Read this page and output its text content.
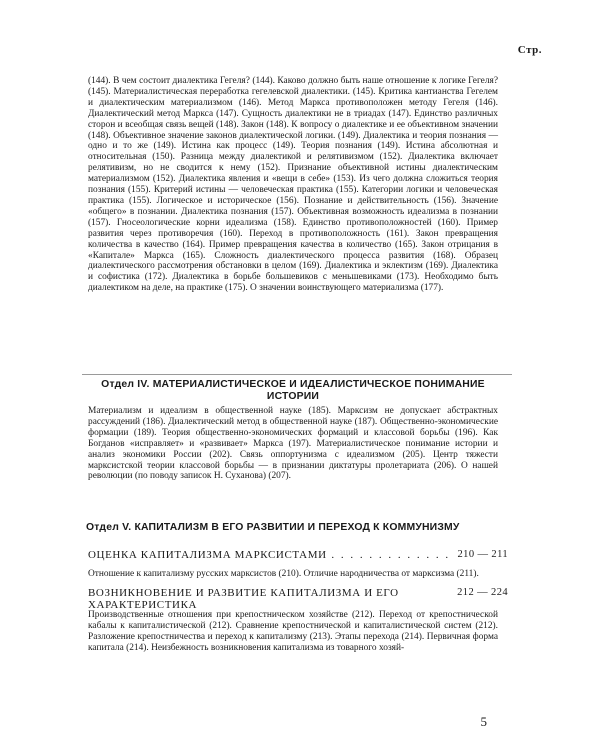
Стр.
(144). В чем состоит диалектика Гегеля? (144). Каково должно быть наше отношение к логике Гегеля? (145). Материалистическая переработка гегелевской диалектики. (145). Критика кантианства Гегелем и диалектическим материализмом (146). Метод Маркса противоположен методу Гегеля (146). Диалектический метод Маркса (147). Сущность диалектики не в триадах (147). Единство различных сторон и всеобщая связь вещей (148). Закон (148). К вопросу о диалектике и ее объективном значении (148). Объективное значение законов диалектической логики. (149). Диалектика и теория познания — одно и то же (149). Истина как процесс (149). Теория познания (149). Истина абсолютная и относительная (150). Разница между диалектикой и релятивизмом (152). Диалектика включает релятивизм, но не сводится к нему (152). Признание объективной истины диалектическим материализмом (152). Диалектика явления и «вещи в себе» (153). Из чего должна сложиться теория познания (155). Критерий истины — человеческая практика (155). Категории логики и человеческая практика (155). Логическое и историческое (156). Познание и действительность (156). Значение «общего» в познании. Диалектика познания (157). Объективная возможность идеализма в познании (157). Гносеологические корни идеализма (158). Единство противоположностей (160). Пример развития через противоречия (160). Переход в противоположность (161). Закон превращения количества в качество (164). Пример превращения качества в количество (165). Закон отрицания в «Капитале» Маркса (165). Сложность диалектического процесса развития (168). Образец диалектического рассмотрения обстановки в целом (169). Диалектика и эклектизм (169). Диалектика и софистика (172). Диалектика в борьбе большевиков с меньшевиками (173). Необходимо быть диалектиком на деле, на практике (175). О значении воинствующего материализма (177).
Отдел IV. МАТЕРИАЛИСТИЧЕСКОЕ И ИДЕАЛИСТИЧЕСКОЕ ПОНИМАНИЕ ИСТОРИИ
Материализм и идеализм в общественной науке (185). Марксизм не допускает абстрактных рассуждений (186). Диалектический метод в общественной науке (187). Общественно-экономические формации (189). Теория общественно-экономических формаций и классовой борьбы (196). Как Богданов «исправляет» и «развивает» Маркса (197). Материалистическое понимание истории и анализ экономики России (202). Связь оппортунизма с идеализмом (205). Центр тяжести марксистской теории классовой борьбы — в признании диктатуры пролетариата (206). О нашей революции (по поводу записок Н. Суханова) (207).
Отдел V. КАПИТАЛИЗМ В ЕГО РАЗВИТИИ И ПЕРЕХОД К КОММУНИЗМУ
ОЦЕНКА КАПИТАЛИЗМА МАРКСИСТАМИ . . . . . . . . . . . . . 210 — 211
Отношение к капитализму русских марксистов (210). Отличие народничества от марксизма (211).
ВОЗНИКНОВЕНИЕ И РАЗВИТИЕ КАПИТАЛИЗМА И ЕГО ХАРАКТЕРИСТИКА
212 — 224
Производственные отношения при крепостническом хозяйстве (212). Переход от крепостнической кабалы к капиталистической (212). Сравнение крепостнической и капиталистической систем (212). Разложение крепостничества и переход к капитализму (213). Этапы перехода (214). Первичная форма капитала (214). Неизбежность возникновения капитализма из товарного хозяй-
5
